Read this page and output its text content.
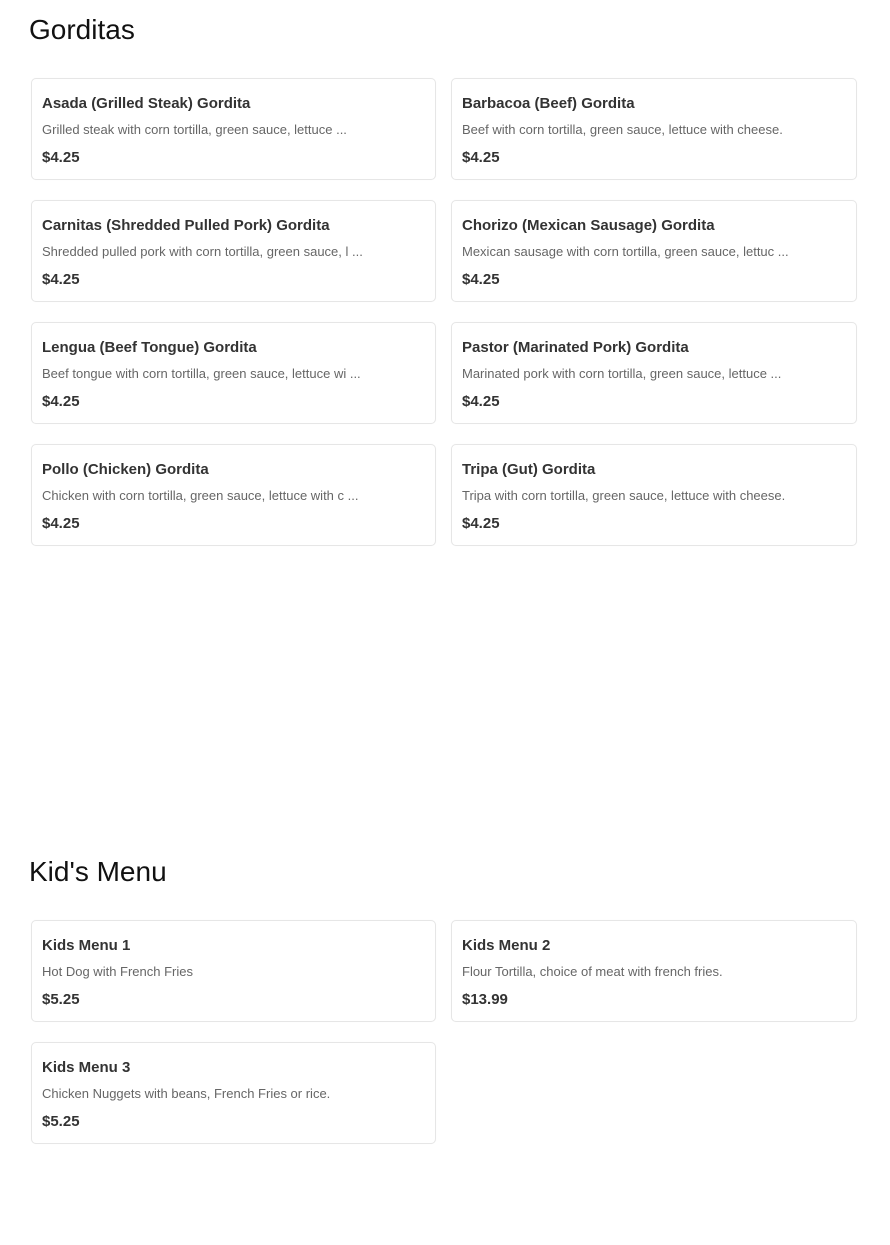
Gorditas
Asada (Grilled Steak) Gordita
Grilled steak with corn tortilla, green sauce, lettuce ...
$4.25
Barbacoa (Beef) Gordita
Beef with corn tortilla, green sauce, lettuce with cheese.
$4.25
Carnitas (Shredded Pulled Pork) Gordita
Shredded pulled pork with corn tortilla, green sauce, l ...
$4.25
Chorizo (Mexican Sausage) Gordita
Mexican sausage with corn tortilla, green sauce, lettuc ...
$4.25
Lengua (Beef Tongue) Gordita
Beef tongue with corn tortilla, green sauce, lettuce wi ...
$4.25
Pastor (Marinated Pork) Gordita
Marinated pork with corn tortilla, green sauce, lettuce ...
$4.25
Pollo (Chicken) Gordita
Chicken with corn tortilla, green sauce, lettuce with c ...
$4.25
Tripa (Gut) Gordita
Tripa with corn tortilla, green sauce, lettuce with cheese.
$4.25
Kid's Menu
Kids Menu 1
Hot Dog with French Fries
$5.25
Kids Menu 2
Flour Tortilla, choice of meat with french fries.
$13.99
Kids Menu 3
Chicken Nuggets with beans, French Fries or rice.
$5.25
